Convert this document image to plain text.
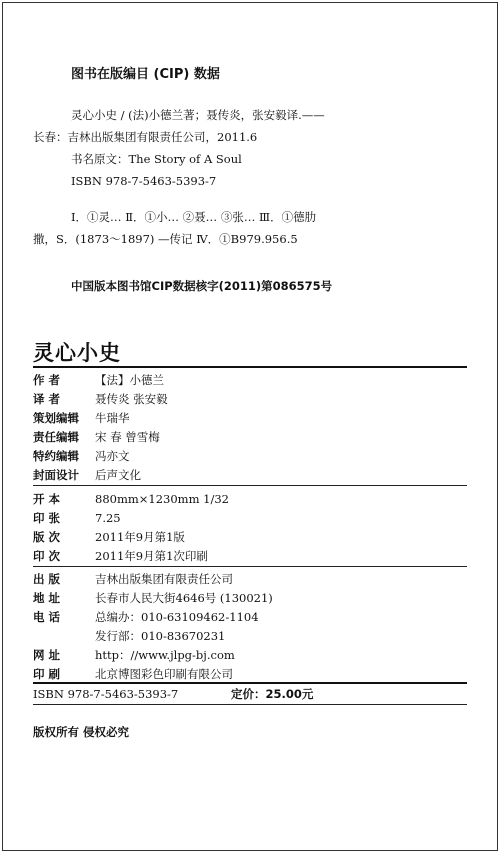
图书在版编目 (CIP) 数据
灵心小史 / (法)小德兰著；聂传炎，张安毅译.——
长春：吉林出版集团有限责任公司，2011.6
书名原文：The Story of A Soul
ISBN 978-7-5463-5393-7
Ⅰ．①灵… Ⅱ．①小… ②聂… ③张… Ⅲ．①德肋
撒，S．(1873～1897) —传记 Ⅳ．①B979.956.5
中国版本图书馆CIP数据核字(2011)第086575号
灵心小史
作 者	【法】小德兰
译 者	聂传炎 张安毅
策划编辑 牛瑞华
责任编辑 宋 春 曾雪梅
特约编辑 冯亦文
封面设计 后声文化
开 本	880mm×1230mm 1/32
印 张	7.25
版 次	2011年9月第1版
印 次	2011年9月第1次印刷
出 版	吉林出版集团有限责任公司
地 址	长春市人民大街4646号 (130021)
电 话	总编办：010-63109462-1104
发行部：010-83670231
网 址	http：//www.jlpg-bj.com
印 刷	北京博图彩色印刷有限公司
ISBN 978-7-5463-5393-7	定价：25.00元
版权所有 侵权必究
